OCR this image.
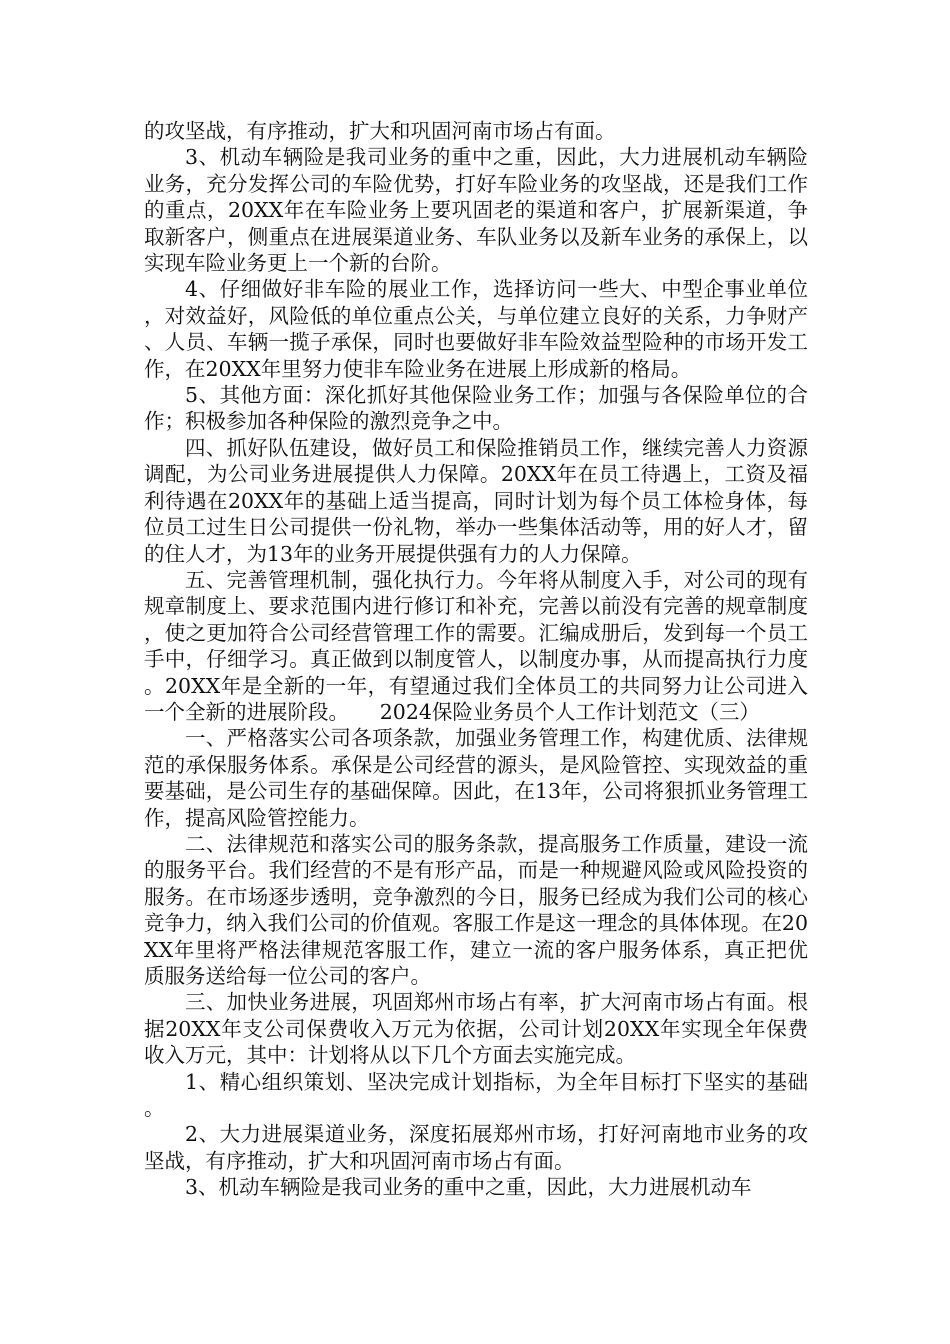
的攻坚战，有序推动，扩大和巩固河南市场占有面。

3、机动车辆险是我司业务的重中之重，因此，大力进展机动车辆险业务，充分发挥公司的车险优势，打好车险业务的攻坚战，还是我们工作的重点，20XX年在车险业务上要巩固老的渠道和客户，扩展新渠道，争取新客户，侧重点在进展渠道业务、车队业务以及新车业务的承保上，以实现车险业务更上一个新的台阶。

4、仔细做好非车险的展业工作，选择访问一些大、中型企事业单位，对效益好，风险低的单位重点公关，与单位建立良好的关系，力争财产、人员、车辆一揽子承保，同时也要做好非车险效益型险种的市场开发工作，在20XX年里努力使非车险业务在进展上形成新的格局。

5、其他方面：深化抓好其他保险业务工作；加强与各保险单位的合作；积极参加各种保险的激烈竞争之中。

四、抓好队伍建设，做好员工和保险推销员工作，继续完善人力资源调配，为公司业务进展提供人力保障。20XX年在员工待遇上，工资及福利待遇在20XX年的基础上适当提高，同时计划为每个员工体检身体，每位员工过生日公司提供一份礼物，举办一些集体活动等，用的好人才，留的住人才，为13年的业务开展提供强有力的人力保障。

五、完善管理机制，强化执行力。今年将从制度入手，对公司的现有规章制度上、要求范围内进行修订和补充，完善以前没有完善的规章制度，使之更加符合公司经营管理工作的需要。汇编成册后，发到每一个员工手中，仔细学习。真正做到以制度管人，以制度办事，从而提高执行力度。20XX年是全新的一年，有望通过我们全体员工的共同努力让公司进入一个全新的进展阶段。　　2024保险业务员个人工作计划范文（三）

一、严格落实公司各项条款，加强业务管理工作，构建优质、法律规范的承保服务体系。承保是公司经营的源头，是风险管控、实现效益的重要基础，是公司生存的基础保障。因此，在13年，公司将狠抓业务管理工作，提高风险管控能力。

二、法律规范和落实公司的服务条款，提高服务工作质量，建设一流的服务平台。我们经营的不是有形产品，而是一种规避风险或风险投资的服务。在市场逐步透明，竞争激烈的今日，服务已经成为我们公司的核心竞争力，纳入我们公司的价值观。客服工作是这一理念的具体体现。在20XX年里将严格法律规范客服工作，建立一流的客户服务体系，真正把优质服务送给每一位公司的客户。

三、加快业务进展，巩固郑州市场占有率，扩大河南市场占有面。根据20XX年支公司保费收入万元为依据，公司计划20XX年实现全年保费收入万元，其中：计划将从以下几个方面去实施完成。

1、精心组织策划、坚决完成计划指标，为全年目标打下坚实的基础。

2、大力进展渠道业务，深度拓展郑州市场，打好河南地市业务的攻坚战，有序推动，扩大和巩固河南市场占有面。

3、机动车辆险是我司业务的重中之重，因此，大力进展机动车
